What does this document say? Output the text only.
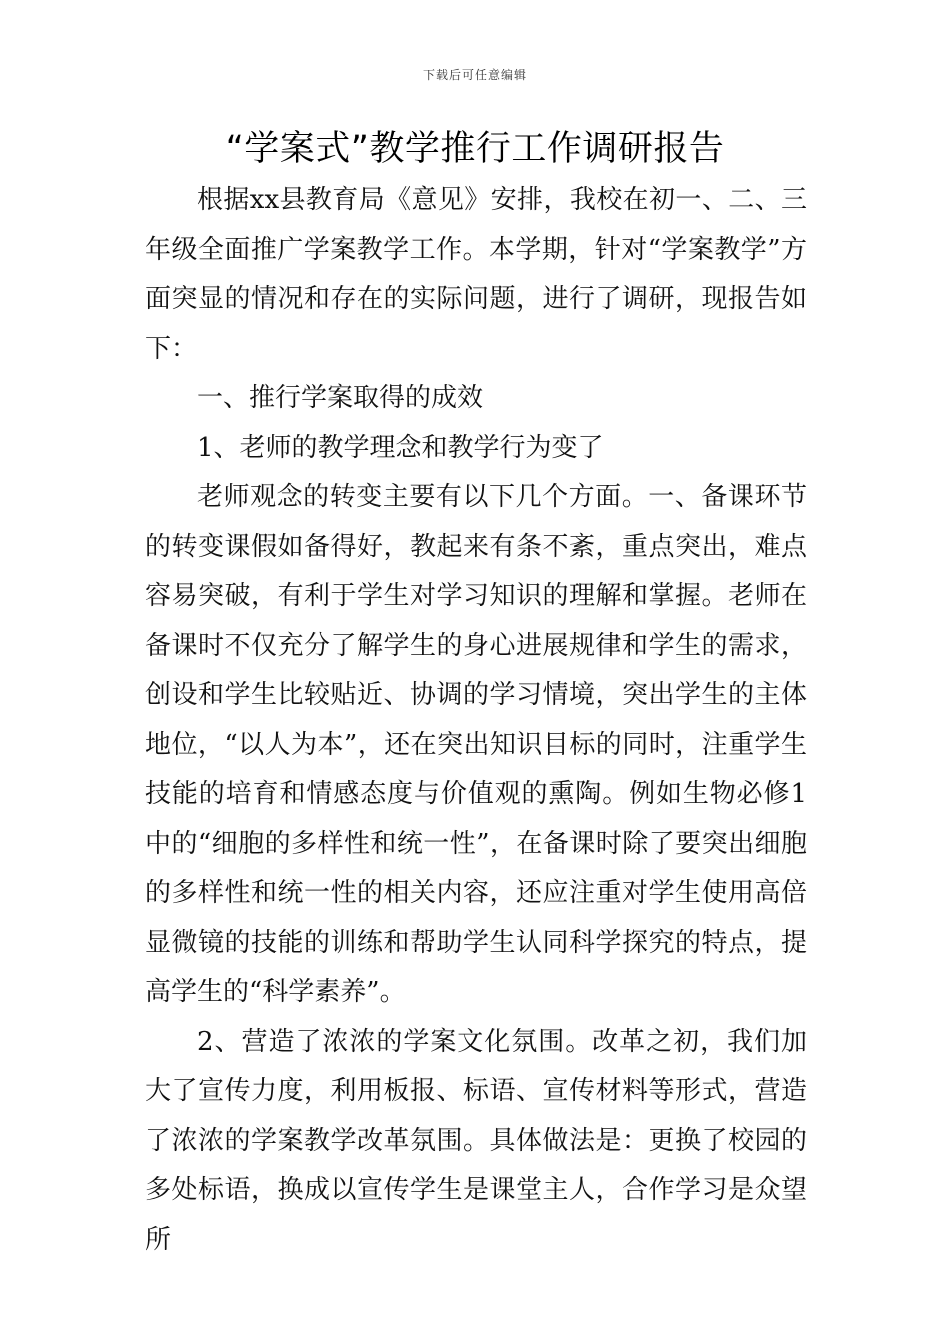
下载后可任意编辑
“学案式”教学推行工作调研报告

根据xx县教育局《意见》安排，我校在初一、二、三年级全面推广学案教学工作。本学期，针对“学案教学”方面突显的情况和存在的实际问题，进行了调研，现报告如下：

一、推行学案取得的成效

1、老师的教学理念和教学行为变了

老师观念的转变主要有以下几个方面。一、备课环节的转变课假如备得好，教起来有条不紊，重点突出，难点容易突破，有利于学生对学习知识的理解和掌握。老师在备课时不仅充分了解学生的身心进展规律和学生的需求，创设和学生比较贴近、协调的学习情境，突出学生的主体地位，“以人为本”，还在突出知识目标的同时，注重学生技能的培育和情感态度与价值观的熏陶。例如生物必修1中的“细胞的多样性和统一性”，在备课时除了要突出细胞的多样性和统一性的相关内容，还应注重对学生使用高倍显微镜的技能的训练和帮助学生认同科学探究的特点，提高学生的“科学素养”。

2、营造了浓浓的学案文化氛围。改革之初，我们加大了宣传力度，利用板报、标语、宣传材料等形式，营造了浓浓的学案教学改革氛围。具体做法是：更换了校园的多处标语，换成以宣传学生是课堂主人，合作学习是众望所
